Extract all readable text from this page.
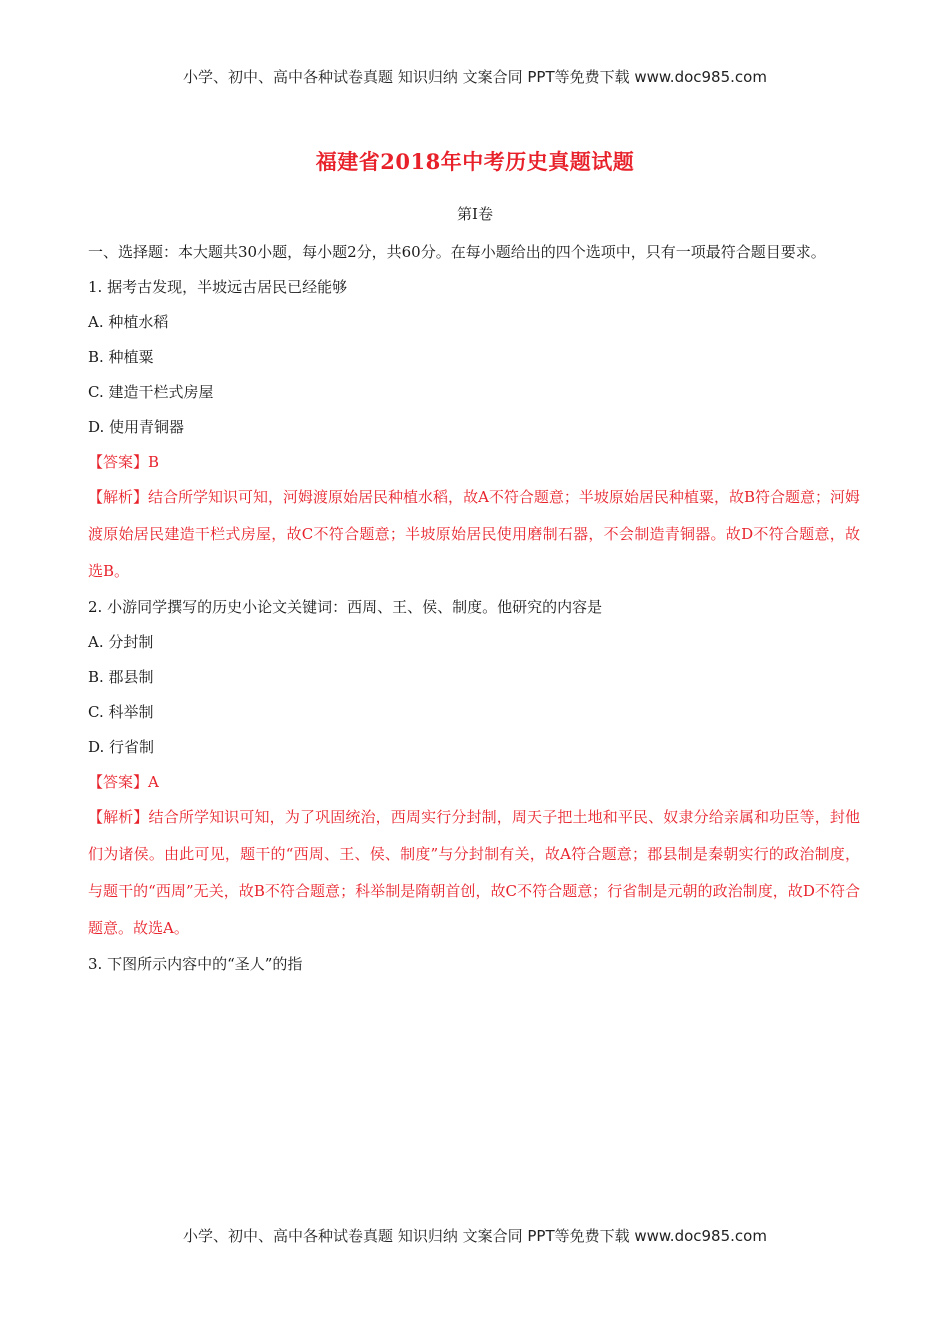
小学、初中、高中各种试卷真题 知识归纳 文案合同 PPT等免费下载 www.doc985.com
福建省2018年中考历史真题试题
第Ⅰ卷

一、选择题：本大题共30小题，每小题2分，共60分。在每小题给出的四个选项中，只有一项最符合题目要求。

1. 据考古发现，半坡远古居民已经能够

A. 种植水稻

B. 种植粟

C. 建造干栏式房屋

D. 使用青铜器

【答案】B

【解析】结合所学知识可知，河姆渡原始居民种植水稻，故A不符合题意；半坡原始居民种植粟，故B符合题意；河姆渡原始居民建造干栏式房屋，故C不符合题意；半坡原始居民使用磨制石器，不会制造青铜器。故D不符合题意，故选B。

2. 小游同学撰写的历史小论文关键词：西周、王、侯、制度。他研究的内容是

A. 分封制

B. 郡县制

C. 科举制

D. 行省制

【答案】A

【解析】结合所学知识可知，为了巩固统治，西周实行分封制，周天子把土地和平民、奴隶分给亲属和功臣等，封他们为诸侯。由此可见，题干的“西周、王、侯、制度”与分封制有关，故A符合题意；郡县制是秦朝实行的政治制度，与题干的“西周”无关，故B不符合题意；科举制是隋朝首创，故C不符合题意；行省制是元朝的政治制度，故D不符合题意。故选A。

3. 下图所示内容中的“圣人”的指

小学、初中、高中各种试卷真题 知识归纳 文案合同 PPT等免费下载 www.doc985.com
